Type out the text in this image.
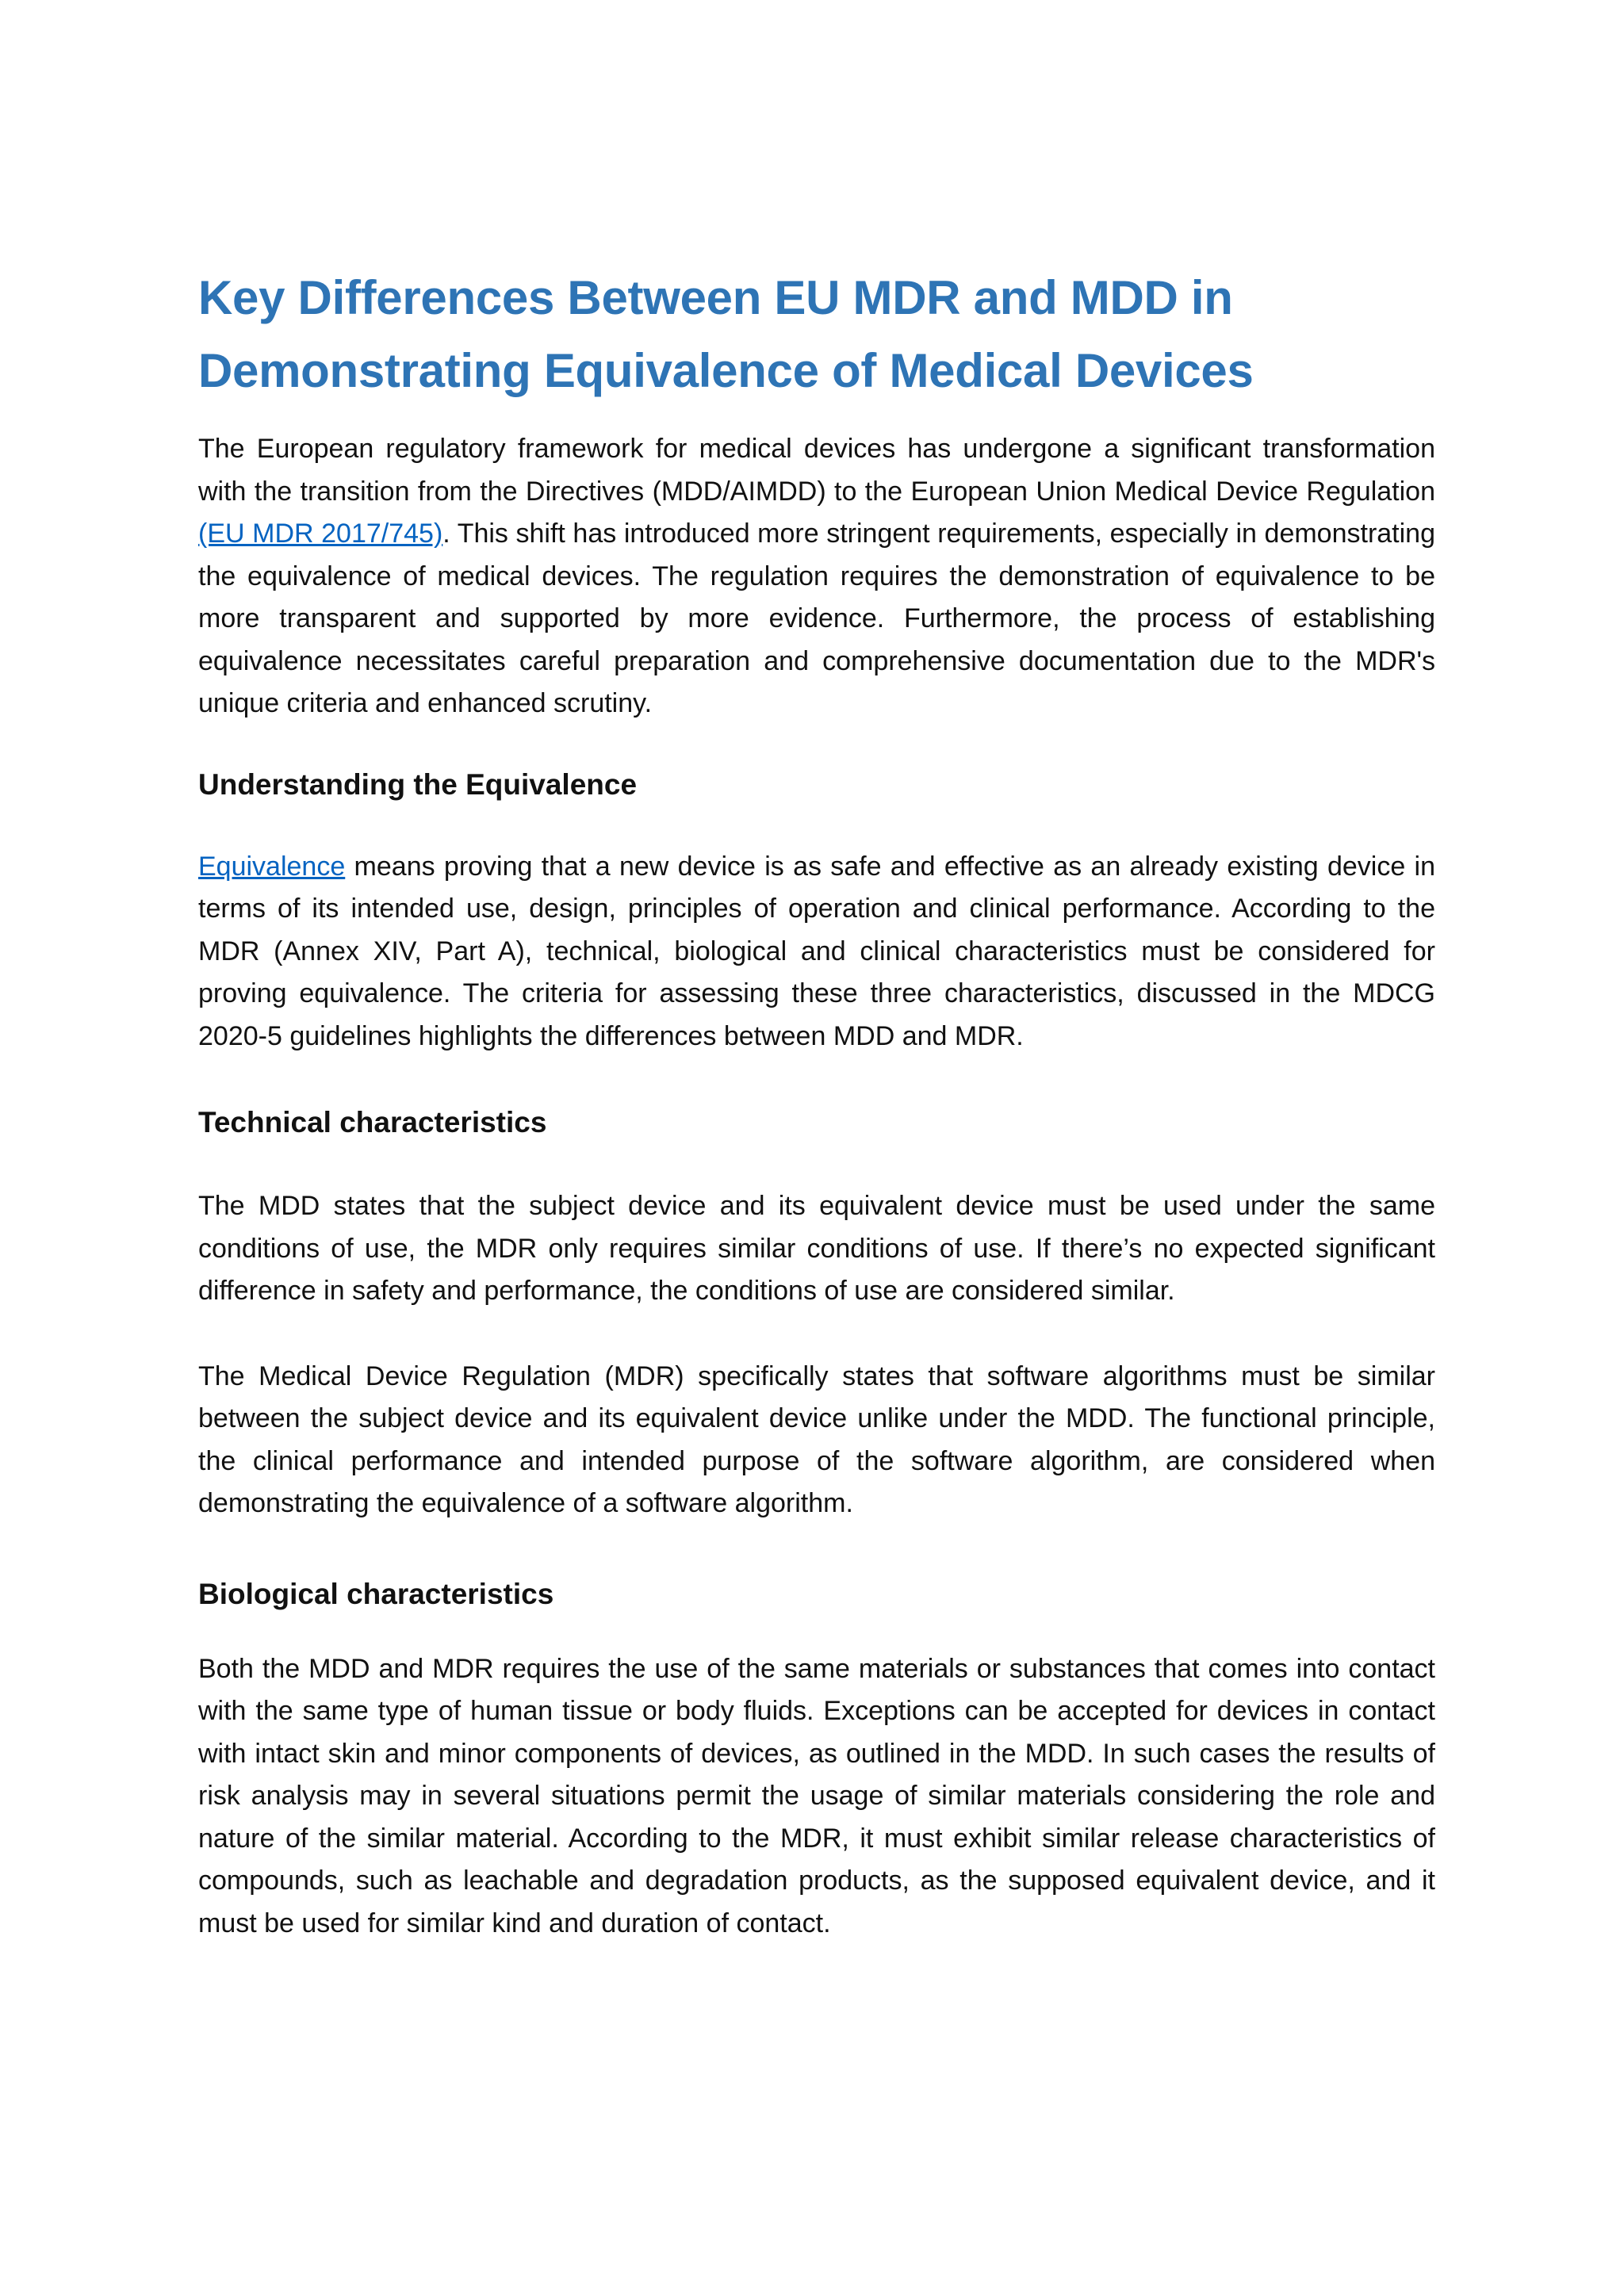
Key Differences Between EU MDR and MDD in Demonstrating Equivalence of Medical Devices

The European regulatory framework for medical devices has undergone a significant transformation with the transition from the Directives (MDD/AIMDD) to the European Union Medical Device Regulation (EU MDR 2017/745). This shift has introduced more stringent requirements, especially in demonstrating the equivalence of medical devices. The regulation requires the demonstration of equivalence to be more transparent and supported by more evidence. Furthermore, the process of establishing equivalence necessitates careful preparation and comprehensive documentation due to the MDR's unique criteria and enhanced scrutiny.

Understanding the Equivalence

Equivalence means proving that a new device is as safe and effective as an already existing device in terms of its intended use, design, principles of operation and clinical performance. According to the MDR (Annex XIV, Part A), technical, biological and clinical characteristics must be considered for proving equivalence. The criteria for assessing these three characteristics, discussed in the MDCG 2020-5 guidelines highlights the differences between MDD and MDR.

Technical characteristics

The MDD states that the subject device and its equivalent device must be used under the same conditions of use, the MDR only requires similar conditions of use. If there’s no expected significant difference in safety and performance, the conditions of use are considered similar.

The Medical Device Regulation (MDR) specifically states that software algorithms must be similar between the subject device and its equivalent device unlike under the MDD. The functional principle, the clinical performance and intended purpose of the software algorithm, are considered when demonstrating the equivalence of a software algorithm.

Biological characteristics

Both the MDD and MDR requires the use of the same materials or substances that comes into contact with the same type of human tissue or body fluids. Exceptions can be accepted for devices in contact with intact skin and minor components of devices, as outlined in the MDD. In such cases the results of risk analysis may in several situations permit the usage of similar materials considering the role and nature of the similar material. According to the MDR, it must exhibit similar release characteristics of compounds, such as leachable and degradation products, as the supposed equivalent device, and it must be used for similar kind and duration of contact.
